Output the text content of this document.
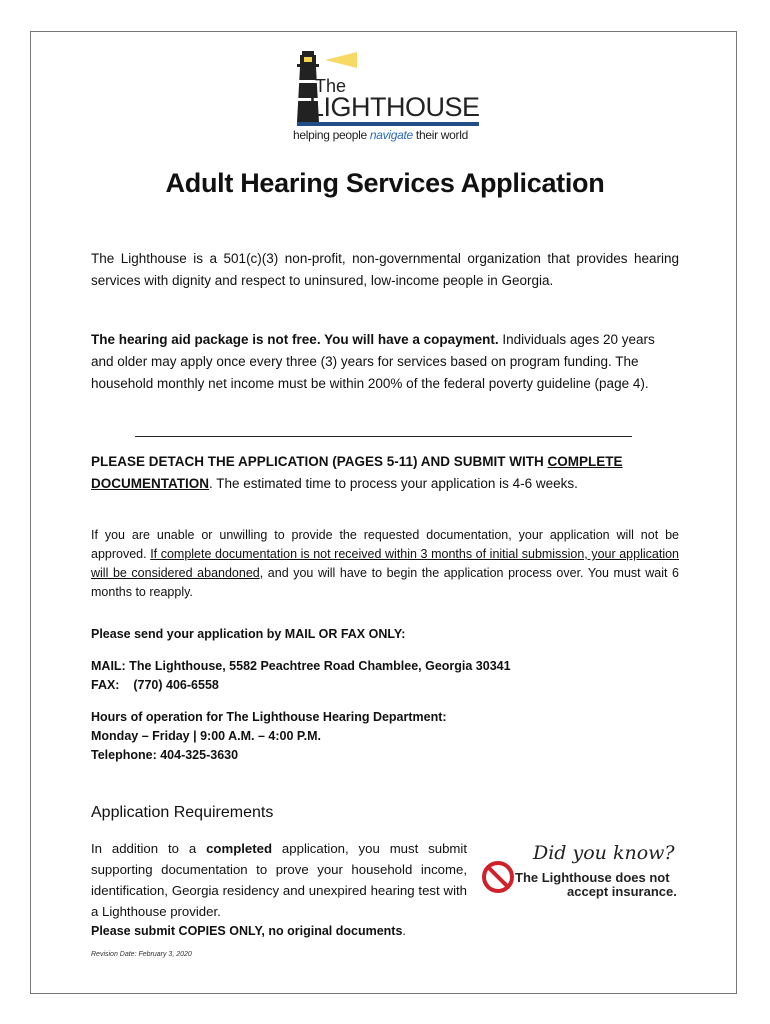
The
LIGHTHOUSE
helping people navigate their world
Adult Hearing Services Application

The Lighthouse is a 501(c)(3) non-profit, non-governmental organization that provides hearing services with dignity and respect to uninsured, low-income people in Georgia.

The hearing aid package is not free. You will have a copayment. Individuals ages 20 years and older may apply once every three (3) years for services based on program funding. The household monthly net income must be within 200% of the federal poverty guideline (page 4).

PLEASE DETACH THE APPLICATION (PAGES 5-11) AND SUBMIT WITH COMPLETE
DOCUMENTATION. The estimated time to process your application is 4-6 weeks.

If you are unable or unwilling to provide the requested documentation, your application will not be approved. If complete documentation is not received within 3 months of initial submission, your application will be considered abandoned, and you will have to begin the application process over. You must wait 6 months to reapply.

Please send your application by MAIL OR FAX ONLY:

MAIL: The Lighthouse, 5582 Peachtree Road Chamblee, Georgia 30341

FAX:    (770) 406-6558

Hours of operation for The Lighthouse Hearing Department:

Monday – Friday | 9:00 A.M. – 4:00 P.M.

Telephone: 404-325-3630

Application Requirements

In addition to a completed application, you must submit supporting documentation to prove your household income, identification, Georgia residency and unexpired hearing test with a Lighthouse provider.

Please submit COPIES ONLY, no original documents.

Did you know?
The Lighthouse does not
accept insurance.

Revision Date: February 3, 2020
